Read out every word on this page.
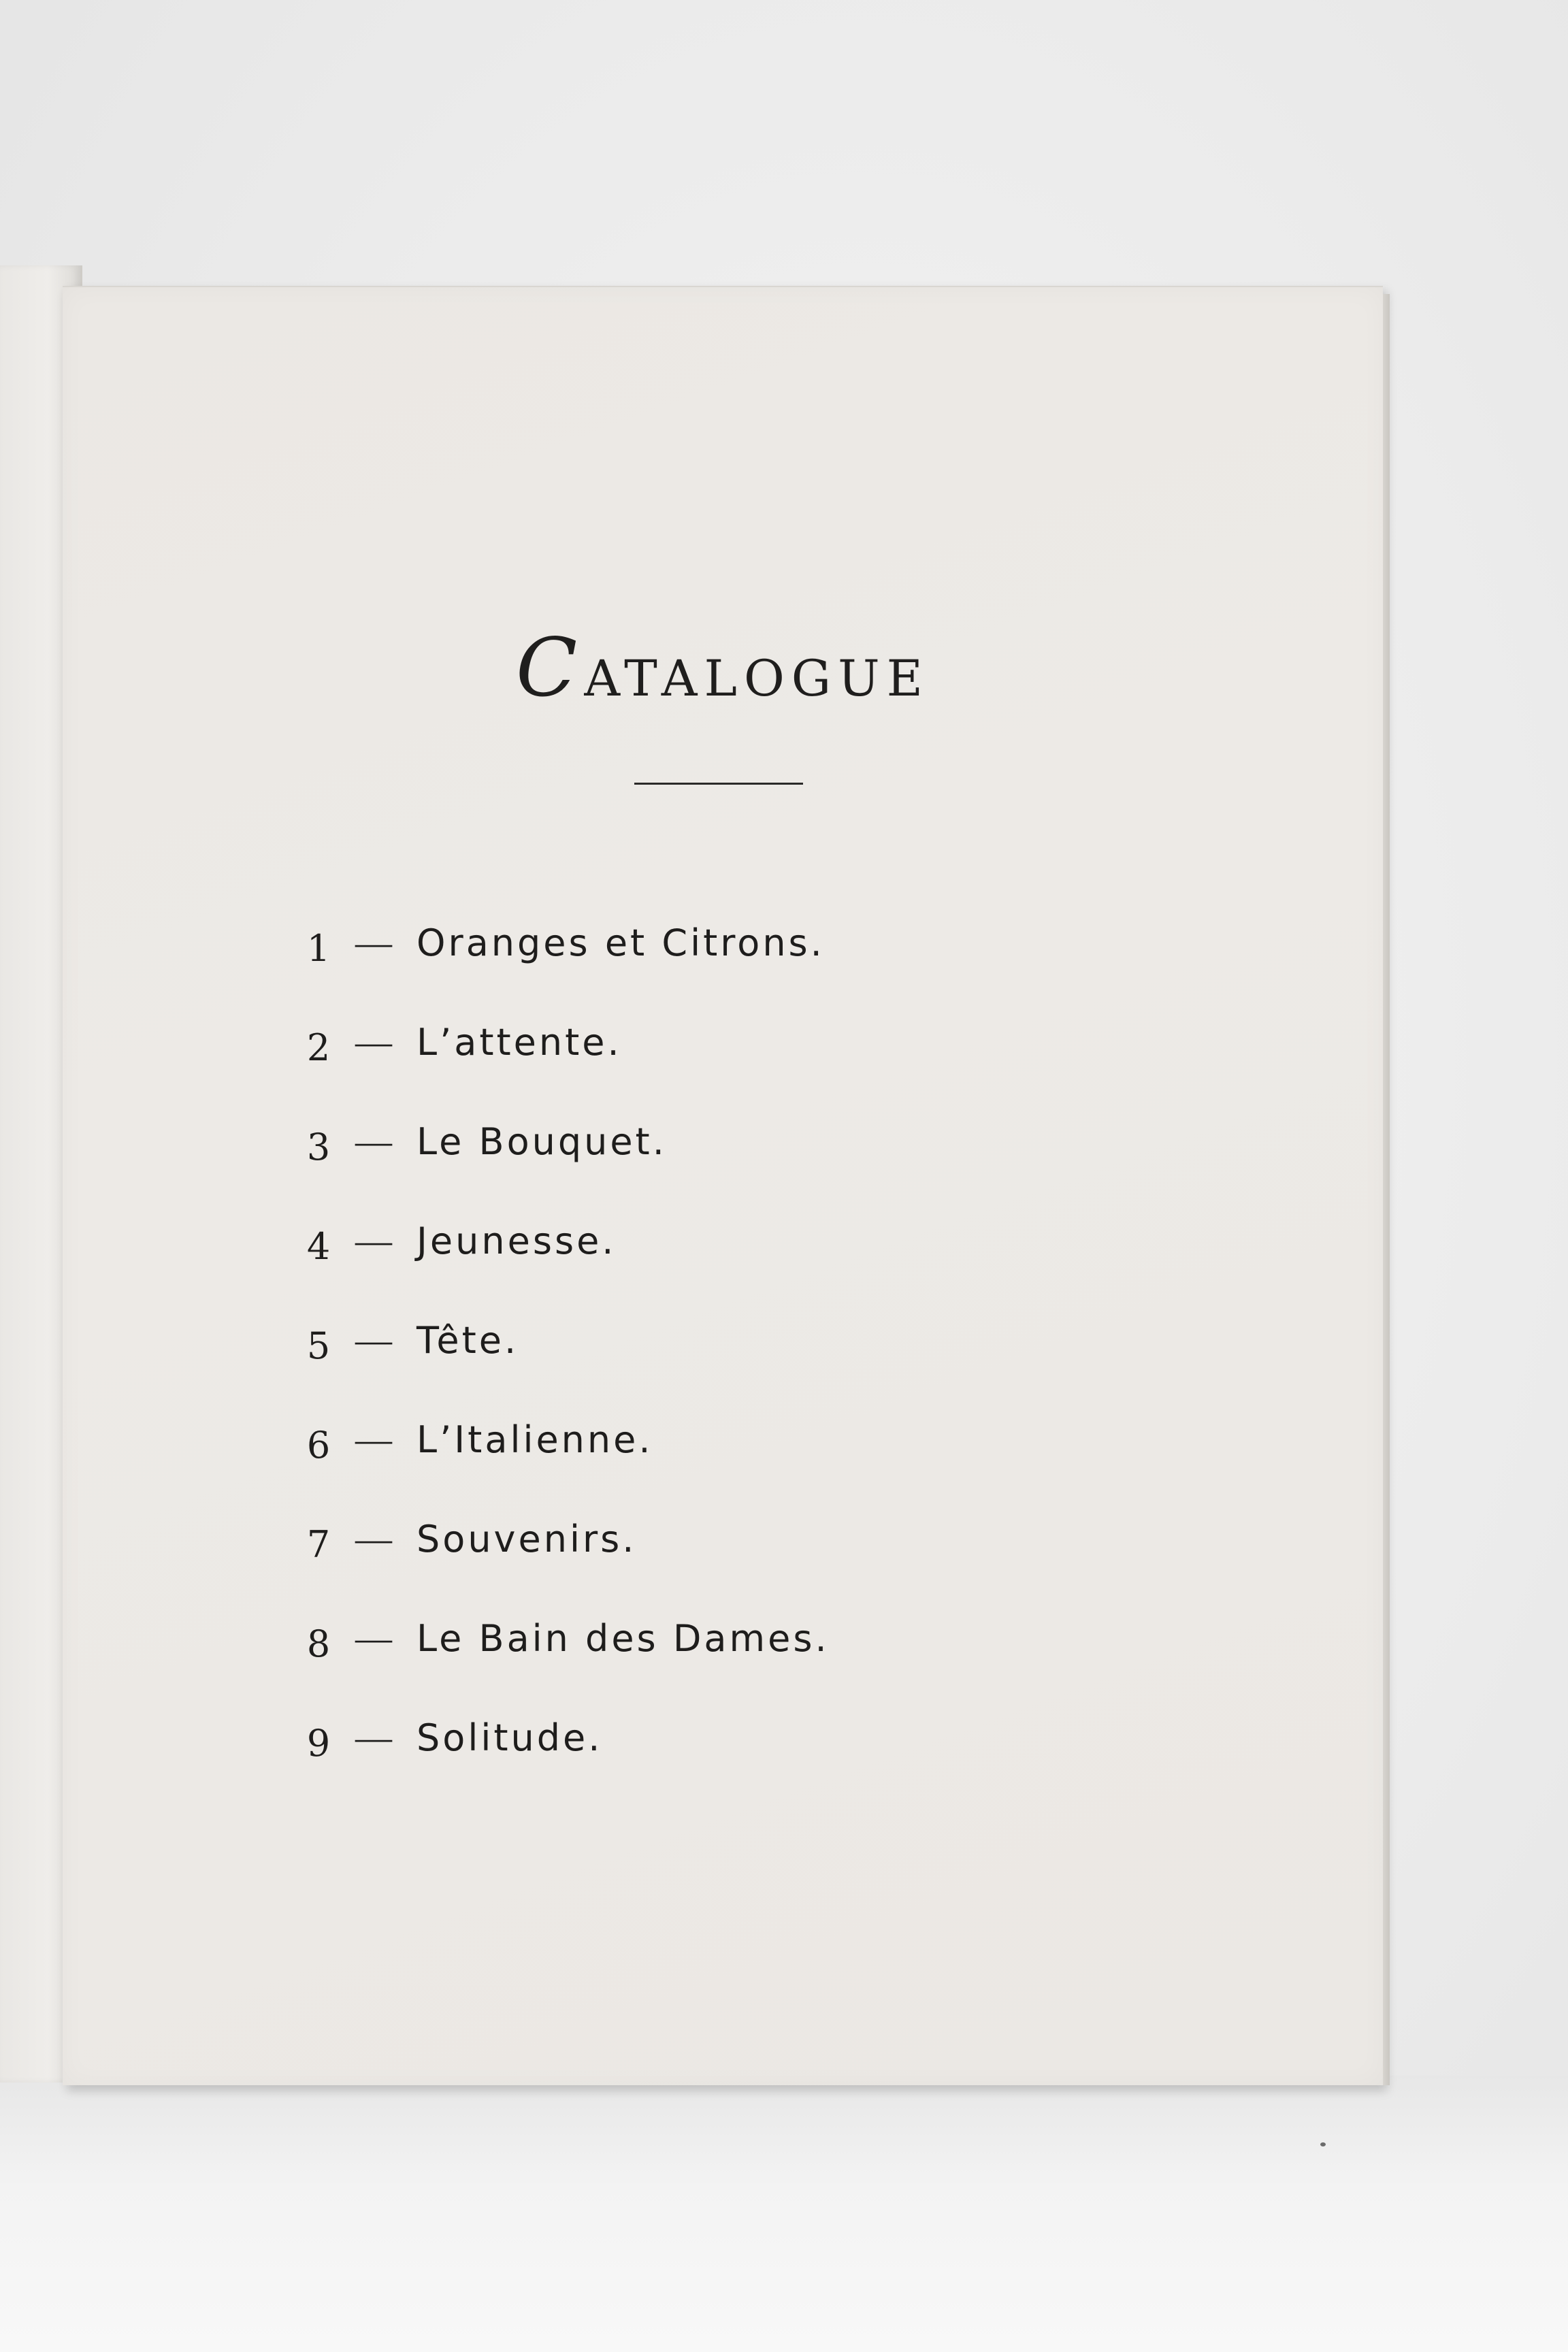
Catalogue
1 — Oranges et Citrons.
2 — L’attente.
3 — Le Bouquet.
4 — Jeunesse.
5 — Tête.
6 — L’Italienne.
7 — Souvenirs.
8 — Le Bain des Dames.
9 — Solitude.
